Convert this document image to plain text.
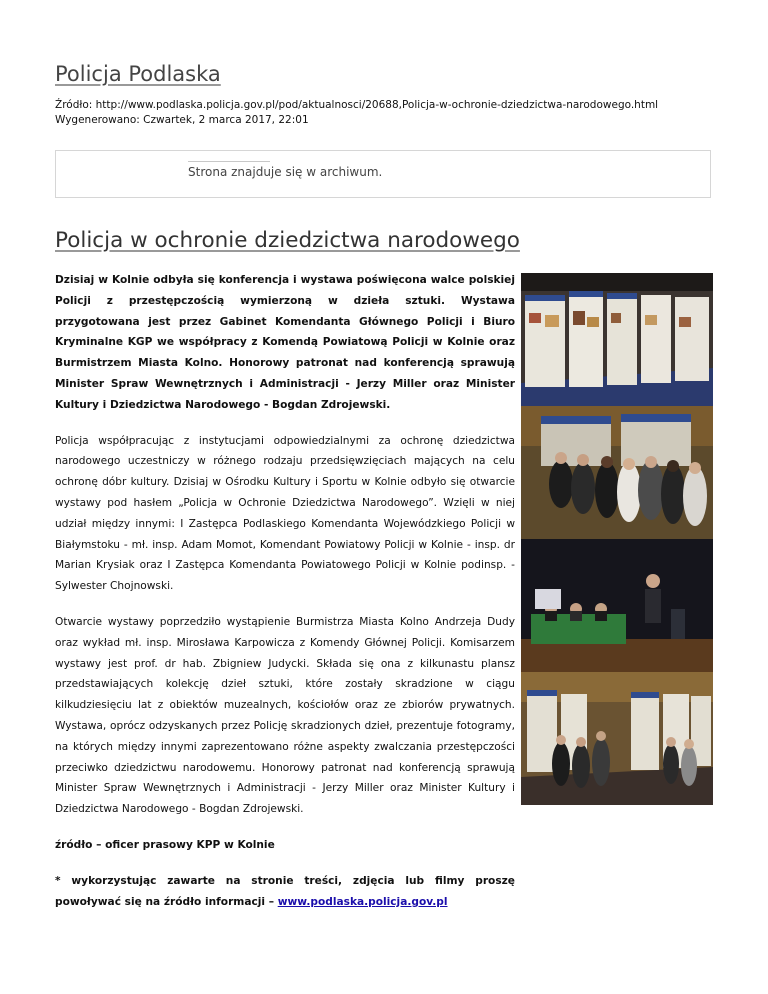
Policja Podlaska
Źródło: http://www.podlaska.policja.gov.pl/pod/aktualnosci/20688,Policja-w-ochronie-dziedzictwa-narodowego.html
Wygenerowano: Czwartek, 2 marca 2017, 22:01
Strona znajduje się w archiwum.
Policja w ochronie dziedzictwa narodowego

Dzisiaj w Kolnie odbyła się konferencja i wystawa poświęcona walce polskiej Policji z przestępczością wymierzoną w dzieła sztuki. Wystawa przygotowana jest przez Gabinet Komendanta Głównego Policji i Biuro Kryminalne KGP we współpracy z Komendą Powiatową Policji w Kolnie oraz Burmistrzem Miasta Kolno. Honorowy patronat nad konferencją sprawują Minister Spraw Wewnętrznych i Administracji - Jerzy Miller oraz Minister Kultury i Dziedzictwa Narodowego - Bogdan Zdrojewski.

Policja współpracując z instytucjami odpowiedzialnymi za ochronę dziedzictwa narodowego uczestniczy w różnego rodzaju przedsięwzięciach mających na celu ochronę dóbr kultury. Dzisiaj w Ośrodku Kultury i Sportu w Kolnie odbyło się otwarcie wystawy pod hasłem „Policja w Ochronie Dziedzictwa Narodowego”. Wzięli w niej udział między innymi: I Zastępca Podlaskiego Komendanta Wojewódzkiego Policji w Białymstoku - mł. insp. Adam Momot, Komendant Powiatowy Policji w Kolnie - insp. dr Marian Krysiak oraz I Zastępca Komendanta Powiatowego Policji w Kolnie podinsp. - Sylwester Chojnowski.

Otwarcie wystawy poprzedziło wystąpienie Burmistrza Miasta Kolno Andrzeja Dudy oraz wykład mł. insp. Mirosława Karpowicza z Komendy Głównej Policji. Komisarzem wystawy jest prof. dr hab. Zbigniew Judycki. Składa się ona z kilkunastu plansz przedstawiających kolekcję dzieł sztuki, które zostały skradzione w ciągu kilkudziesięciu lat z obiektów muzealnych, kościołów oraz ze zbiorów prywatnych. Wystawa, oprócz odzyskanych przez Policję skradzionych dzieł, prezentuje fotogramy, na których między innymi zaprezentowano różne aspekty zwalczania przestępczości przeciwko dziedzictwu narodowemu. Honorowy patronat nad konferencją sprawują Minister Spraw Wewnętrznych i Administracji - Jerzy Miller oraz Minister Kultury i Dziedzictwa Narodowego - Bogdan Zdrojewski.

źródło – oficer prasowy KPP w Kolnie

* wykorzystując zawarte na stronie treści, zdjęcia lub filmy proszę powoływać się na źródło informacji – www.podlaska.policja.gov.pl
